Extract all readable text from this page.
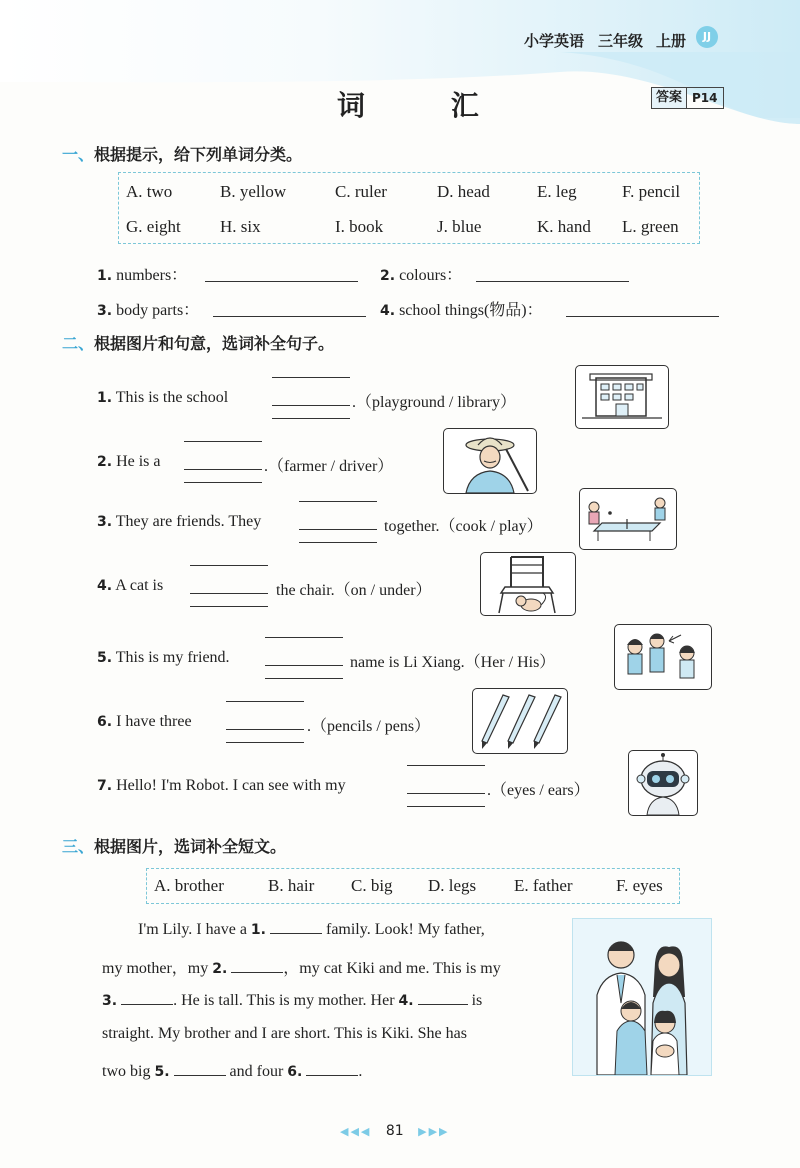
小学英语 三年级 上册	JJ
词 汇	答案 P14
一、根据提示，给下列单词分类。
A. two	B. yellow	C. ruler	D. head	E. leg	F. pencil
G. eight H. six	I. book	J. blue	K. hand L. green
1. numbers：	2. colours：
3. body parts：	4. school things(物品)：
二、根据图片和句意，选词补全句子。
1. This is the school	.（playground / library）
2. He is a	.（farmer / driver）
3. They are friends. They	together.（cook / play）
4. A cat is	the chair.（on / under）
5. This is my friend.	name is Li Xiang.（Her / His）
6. I have three	.（pencils / pens）
7. Hello! I'm Robot. I can see with my	.（eyes / ears）
三、根据图片，选词补全短文。
A. brother	B. hair C. big D. legs E. father	F. eyes
I'm Lily. I have a 1.	family. Look! My father,
my mother，my 2.	，my cat Kiki and me. This is my
3.	. He is tall. This is my mother. Her 4.	is
straight. My brother and I are short. This is Kiki. She has
two big 5.	and four 6.	.
◀◀◀ 81 ▶▶▶
